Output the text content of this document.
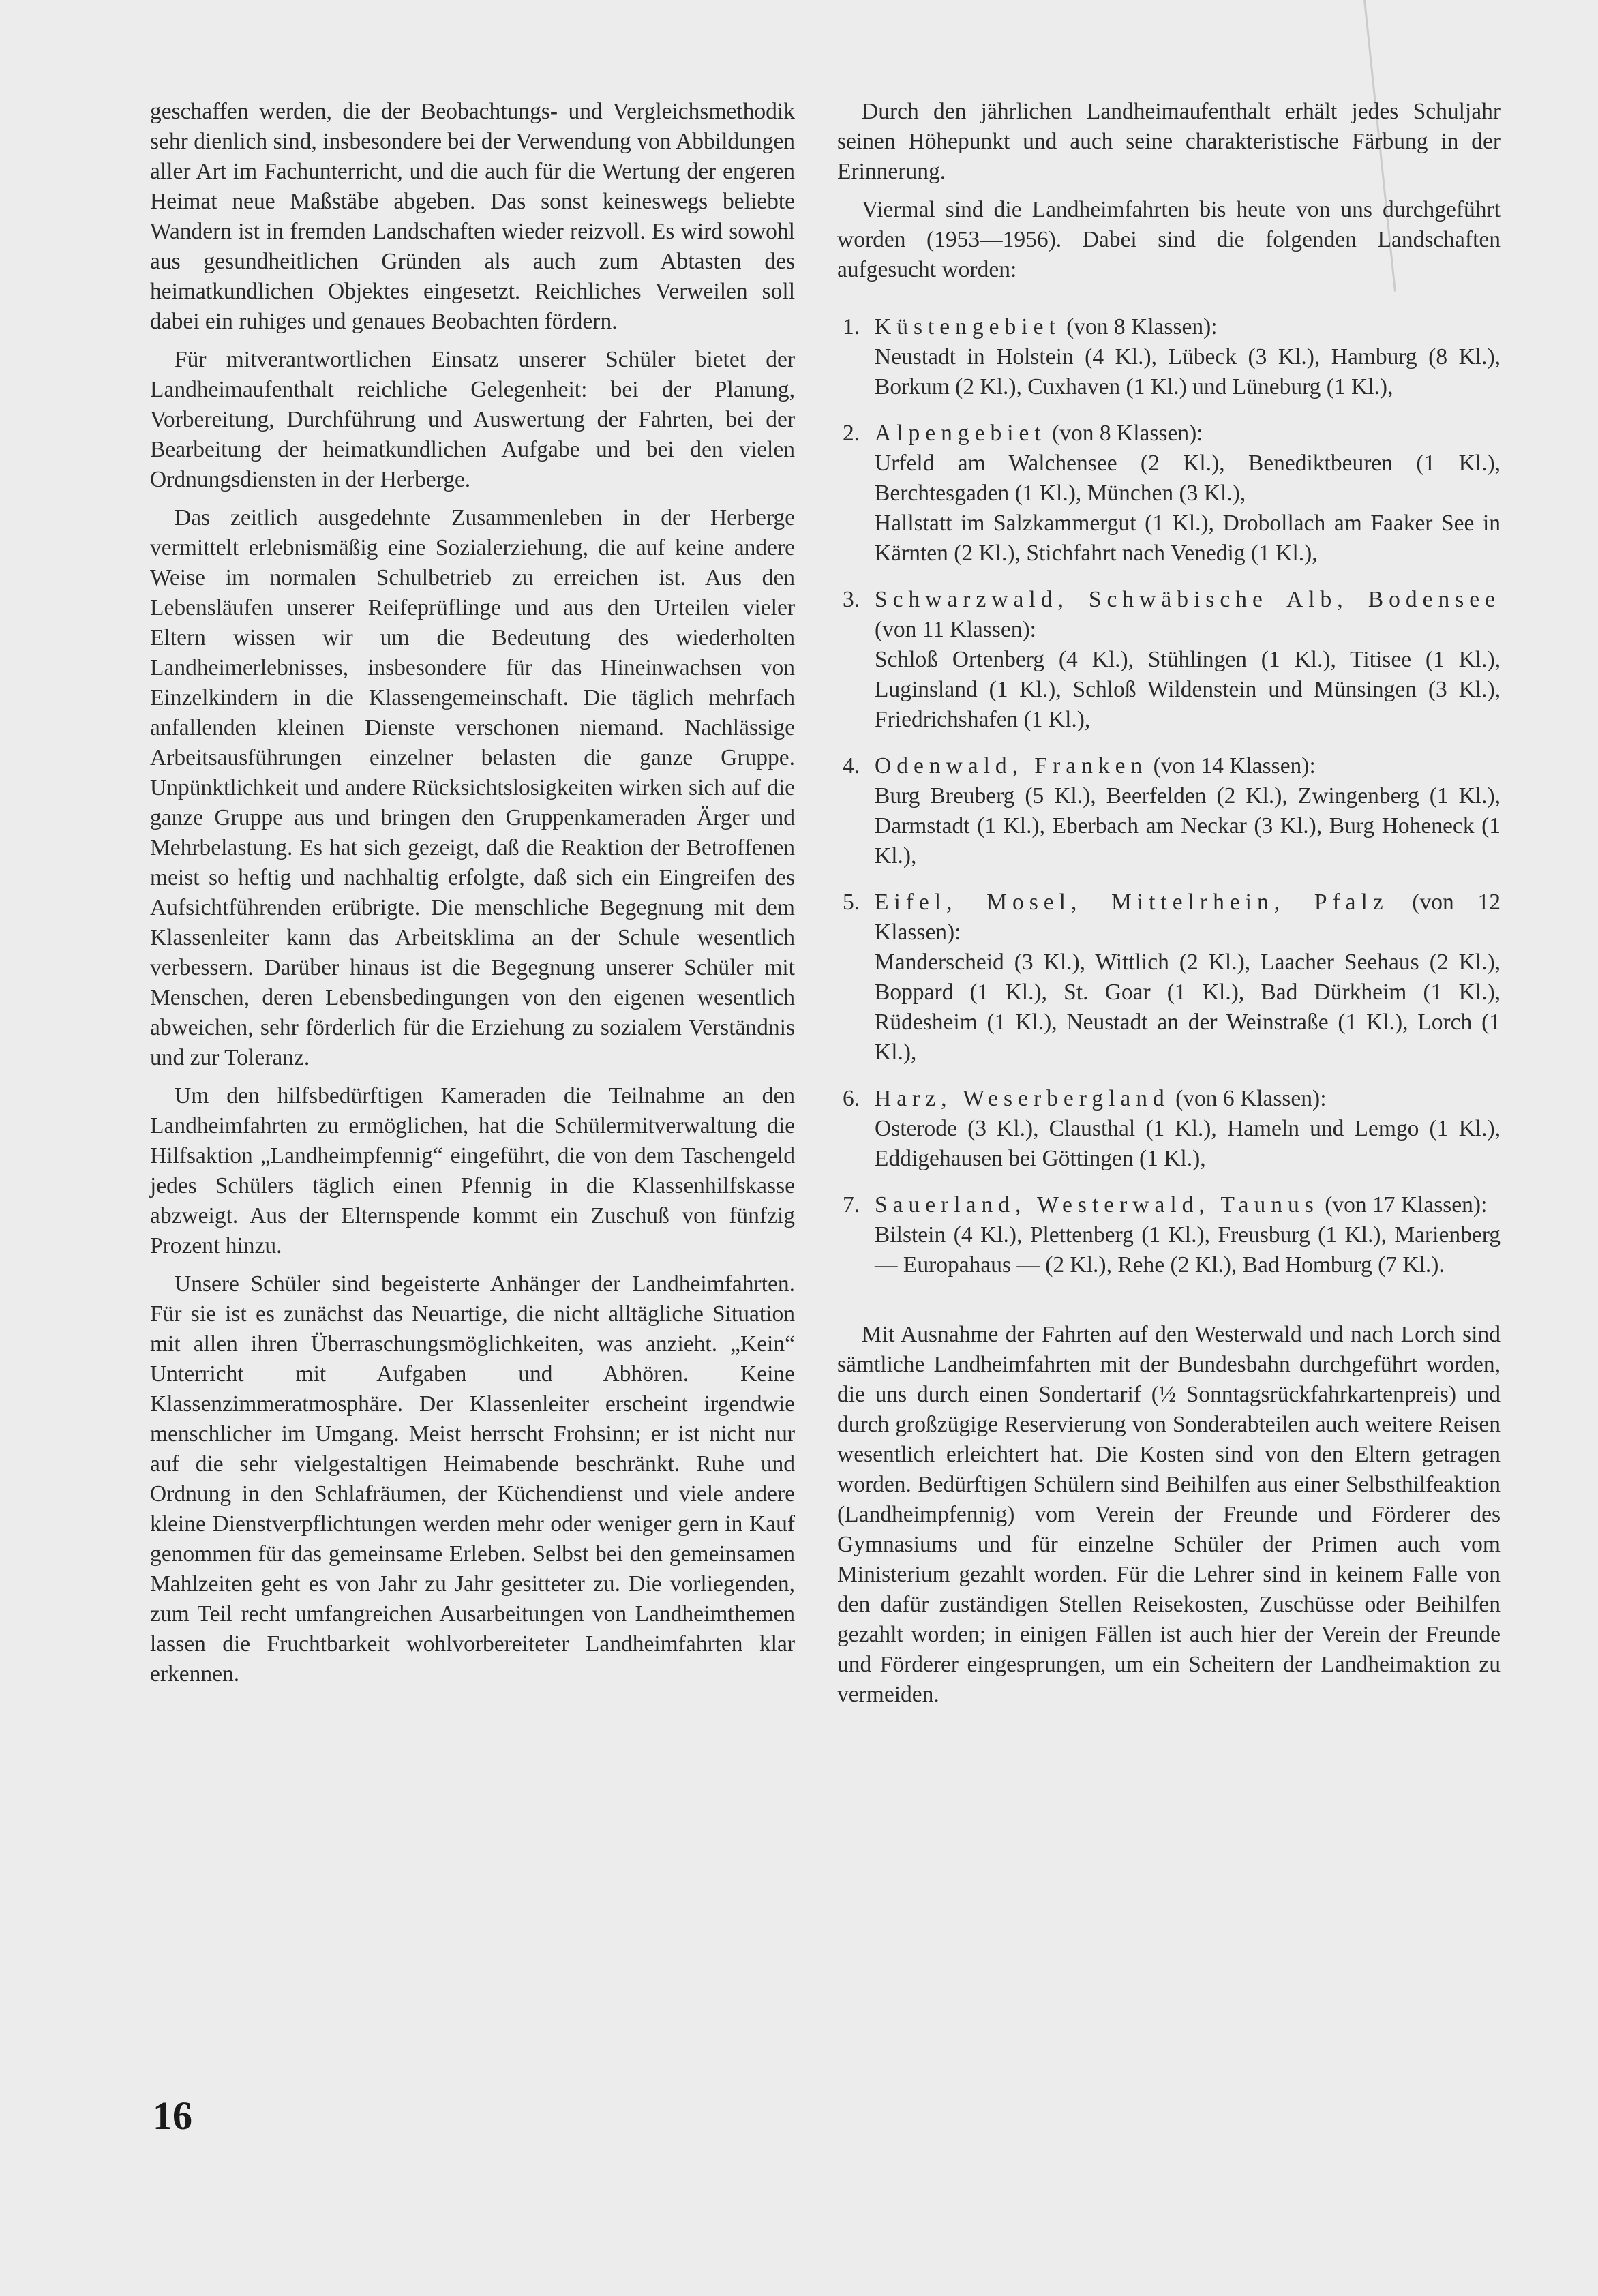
geschaffen werden, die der Beobachtungs- und Vergleichsmethodik sehr dienlich sind, insbesondere bei der Verwendung von Abbildungen aller Art im Fachunterricht, und die auch für die Wertung der engeren Heimat neue Maßstäbe abgeben. Das sonst keineswegs beliebte Wandern ist in fremden Landschaften wieder reizvoll. Es wird sowohl aus gesundheitlichen Gründen als auch zum Abtasten des heimatkundlichen Objektes eingesetzt. Reichliches Verweilen soll dabei ein ruhiges und genaues Beobachten fördern.

Für mitverantwortlichen Einsatz unserer Schüler bietet der Landheimaufenthalt reichliche Gelegenheit: bei der Planung, Vorbereitung, Durchführung und Auswertung der Fahrten, bei der Bearbeitung der heimatkundlichen Aufgabe und bei den vielen Ordnungsdiensten in der Herberge.

Das zeitlich ausgedehnte Zusammenleben in der Herberge vermittelt erlebnismäßig eine Sozialerziehung, die auf keine andere Weise im normalen Schulbetrieb zu erreichen ist. Aus den Lebensläufen unserer Reifeprüflinge und aus den Urteilen vieler Eltern wissen wir um die Bedeutung des wiederholten Landheimerlebnisses, insbesondere für das Hineinwachsen von Einzelkindern in die Klassengemeinschaft. Die täglich mehrfach anfallenden kleinen Dienste verschonen niemand. Nachlässige Arbeitsausführungen einzelner belasten die ganze Gruppe. Unpünktlichkeit und andere Rücksichtslosigkeiten wirken sich auf die ganze Gruppe aus und bringen den Gruppenkameraden Ärger und Mehrbelastung. Es hat sich gezeigt, daß die Reaktion der Betroffenen meist so heftig und nachhaltig erfolgte, daß sich ein Eingreifen des Aufsichtführenden erübrigte. Die menschliche Begegnung mit dem Klassenleiter kann das Arbeitsklima an der Schule wesentlich verbessern. Darüber hinaus ist die Begegnung unserer Schüler mit Menschen, deren Lebensbedingungen von den eigenen wesentlich abweichen, sehr förderlich für die Erziehung zu sozialem Verständnis und zur Toleranz.

Um den hilfsbedürftigen Kameraden die Teilnahme an den Landheimfahrten zu ermöglichen, hat die Schülermitverwaltung die Hilfsaktion „Landheimpfennig“ eingeführt, die von dem Taschengeld jedes Schülers täglich einen Pfennig in die Klassenhilfskasse abzweigt. Aus der Elternspende kommt ein Zuschuß von fünfzig Prozent hinzu.

Unsere Schüler sind begeisterte Anhänger der Landheimfahrten. Für sie ist es zunächst das Neuartige, die nicht alltägliche Situation mit allen ihren Überraschungsmöglichkeiten, was anzieht. „Kein“ Unterricht mit Aufgaben und Abhören. Keine Klassenzimmeratmosphäre. Der Klassenleiter erscheint irgendwie menschlicher im Umgang. Meist herrscht Frohsinn; er ist nicht nur auf die sehr vielgestaltigen Heimabende beschränkt. Ruhe und Ordnung in den Schlafräumen, der Küchendienst und viele andere kleine Dienstverpflichtungen werden mehr oder weniger gern in Kauf genommen für das gemeinsame Erleben. Selbst bei den gemeinsamen Mahlzeiten geht es von Jahr zu Jahr gesitteter zu. Die vorliegenden, zum Teil recht umfangreichen Ausarbeitungen von Landheimthemen lassen die Fruchtbarkeit wohlvorbereiteter Landheimfahrten klar erkennen.

Durch den jährlichen Landheimaufenthalt erhält jedes Schuljahr seinen Höhepunkt und auch seine charakteristische Färbung in der Erinnerung.

Viermal sind die Landheimfahrten bis heute von uns durchgeführt worden (1953—1956). Dabei sind die folgenden Landschaften aufgesucht worden:

1. Küstengebiet (von 8 Klassen):
Neustadt in Holstein (4 Kl.), Lübeck (3 Kl.), Hamburg (8 Kl.), Borkum (2 Kl.), Cuxhaven (1 Kl.) und Lüneburg (1 Kl.),
2. Alpengebiet (von 8 Klassen):
Urfeld am Walchensee (2 Kl.), Benediktbeuren (1 Kl.), Berchtesgaden (1 Kl.), München (3 Kl.),
Hallstatt im Salzkammergut (1 Kl.), Drobollach am Faaker See in Kärnten (2 Kl.), Stichfahrt nach Venedig (1 Kl.),
3. Schwarzwald, Schwäbische Alb, Bodensee (von 11 Klassen):
Schloß Ortenberg (4 Kl.), Stühlingen (1 Kl.), Titisee (1 Kl.), Luginsland (1 Kl.), Schloß Wildenstein und Münsingen (3 Kl.), Friedrichshafen (1 Kl.),
4. Odenwald, Franken (von 14 Klassen):
Burg Breuberg (5 Kl.), Beerfelden (2 Kl.), Zwingenberg (1 Kl.), Darmstadt (1 Kl.), Eberbach am Neckar (3 Kl.), Burg Hoheneck (1 Kl.),
5. Eifel, Mosel, Mittelrhein, Pfalz (von 12 Klassen):
Manderscheid (3 Kl.), Wittlich (2 Kl.), Laacher Seehaus (2 Kl.), Boppard (1 Kl.), St. Goar (1 Kl.), Bad Dürkheim (1 Kl.), Rüdesheim (1 Kl.), Neustadt an der Weinstraße (1 Kl.), Lorch (1 Kl.),
6. Harz, Weserbergland (von 6 Klassen):
Osterode (3 Kl.), Clausthal (1 Kl.), Hameln und Lemgo (1 Kl.), Eddigehausen bei Göttingen (1 Kl.),
7. Sauerland, Westerwald, Taunus (von 17 Klassen):
Bilstein (4 Kl.), Plettenberg (1 Kl.), Freusburg (1 Kl.), Marienberg — Europahaus — (2 Kl.), Rehe (2 Kl.), Bad Homburg (7 Kl.).

Mit Ausnahme der Fahrten auf den Westerwald und nach Lorch sind sämtliche Landheimfahrten mit der Bundesbahn durchgeführt worden, die uns durch einen Sondertarif (½ Sonntagsrückfahrkartenpreis) und durch großzügige Reservierung von Sonderabteilen auch weitere Reisen wesentlich erleichtert hat. Die Kosten sind von den Eltern getragen worden. Bedürftigen Schülern sind Beihilfen aus einer Selbsthilfeaktion (Landheimpfennig) vom Verein der Freunde und Förderer des Gymnasiums und für einzelne Schüler der Primen auch vom Ministerium gezahlt worden. Für die Lehrer sind in keinem Falle von den dafür zuständigen Stellen Reisekosten, Zuschüsse oder Beihilfen gezahlt worden; in einigen Fällen ist auch hier der Verein der Freunde und Förderer eingesprungen, um ein Scheitern der Landheimaktion zu vermeiden.

16
